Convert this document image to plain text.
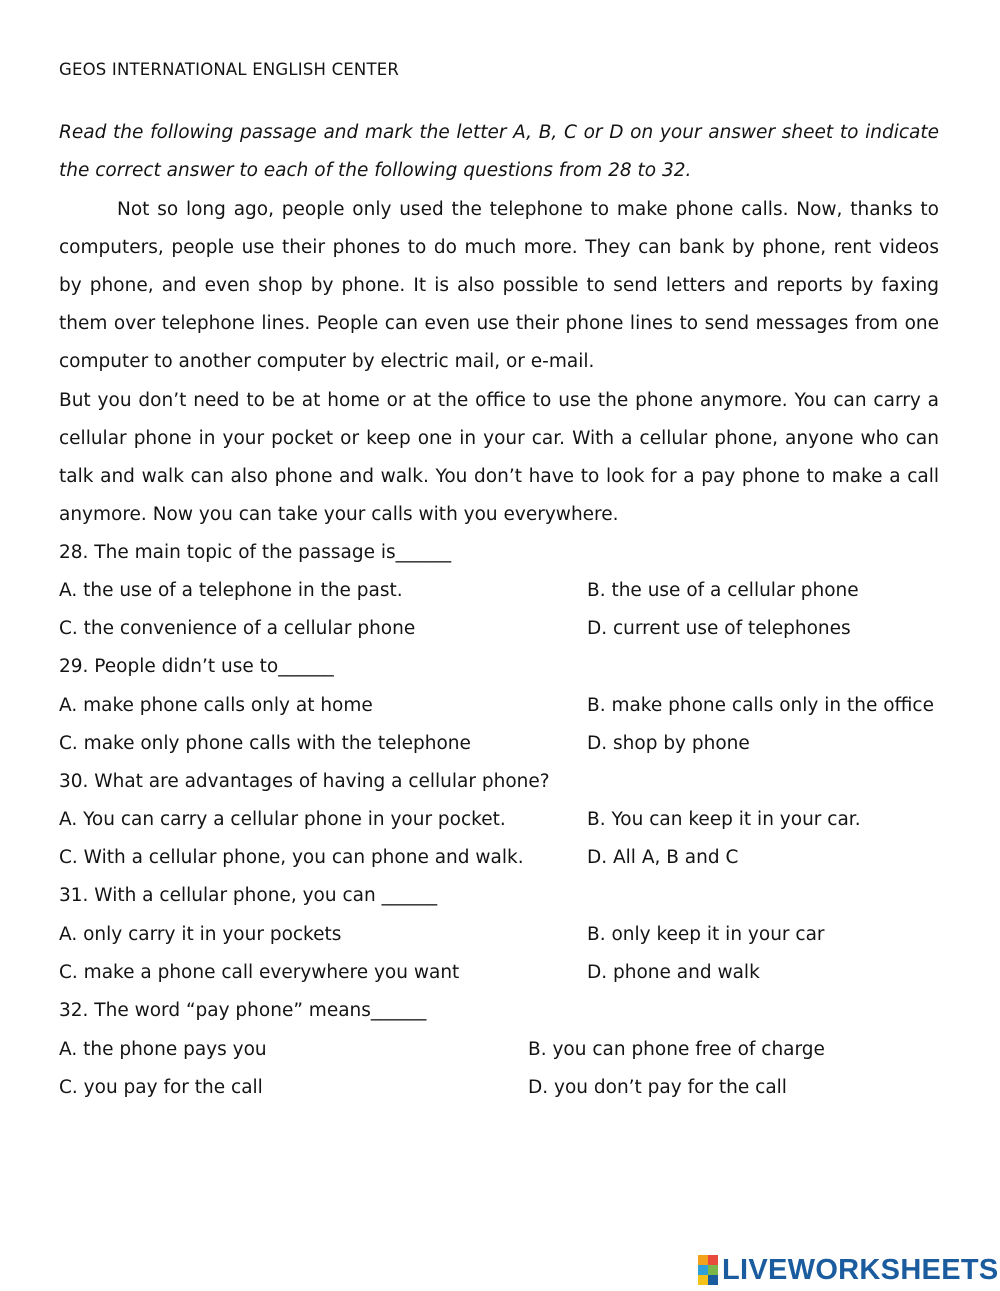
GEOS INTERNATIONAL ENGLISH CENTER
Read the following passage and mark the letter A, B, C or D on your answer sheet to indicate the correct answer to each of the following questions from 28 to 32.
Not so long ago, people only used the telephone to make phone calls. Now, thanks to computers, people use their phones to do much more. They can bank by phone, rent videos by phone, and even shop by phone. It is also possible to send letters and reports by faxing them over telephone lines. People can even use their phone lines to send messages from one computer to another computer by electric mail, or e-mail.
But you don’t need to be at home or at the office to use the phone anymore. You can carry a cellular phone in your pocket or keep one in your car. With a cellular phone, anyone who can talk and walk can also phone and walk. You don’t have to look for a pay phone to make a call anymore. Now you can take your calls with you everywhere.
28. The main topic of the passage is______
A. the use of a telephone in the past.	B. the use of a cellular phone
C. the convenience of a cellular phone	D. current use of telephones
29. People didn’t use to______
A. make phone calls only at home	B. make phone calls only in the office
C. make only phone calls with the telephone	D. shop by phone
30. What are advantages of having a cellular phone?
A. You can carry a cellular phone in your pocket.	B. You can keep it in your car.
C. With a cellular phone, you can phone and walk.	D. All A, B and C
31. With a cellular phone, you can ______
A. only carry it in your pockets	B. only keep it in your car
C. make a phone call everywhere you want	D. phone and walk
32. The word “pay phone” means______
A. the phone pays you	B. you can phone free of charge
C. you pay for the call	D. you don’t pay for the call
LIVEWORKSHEETS
